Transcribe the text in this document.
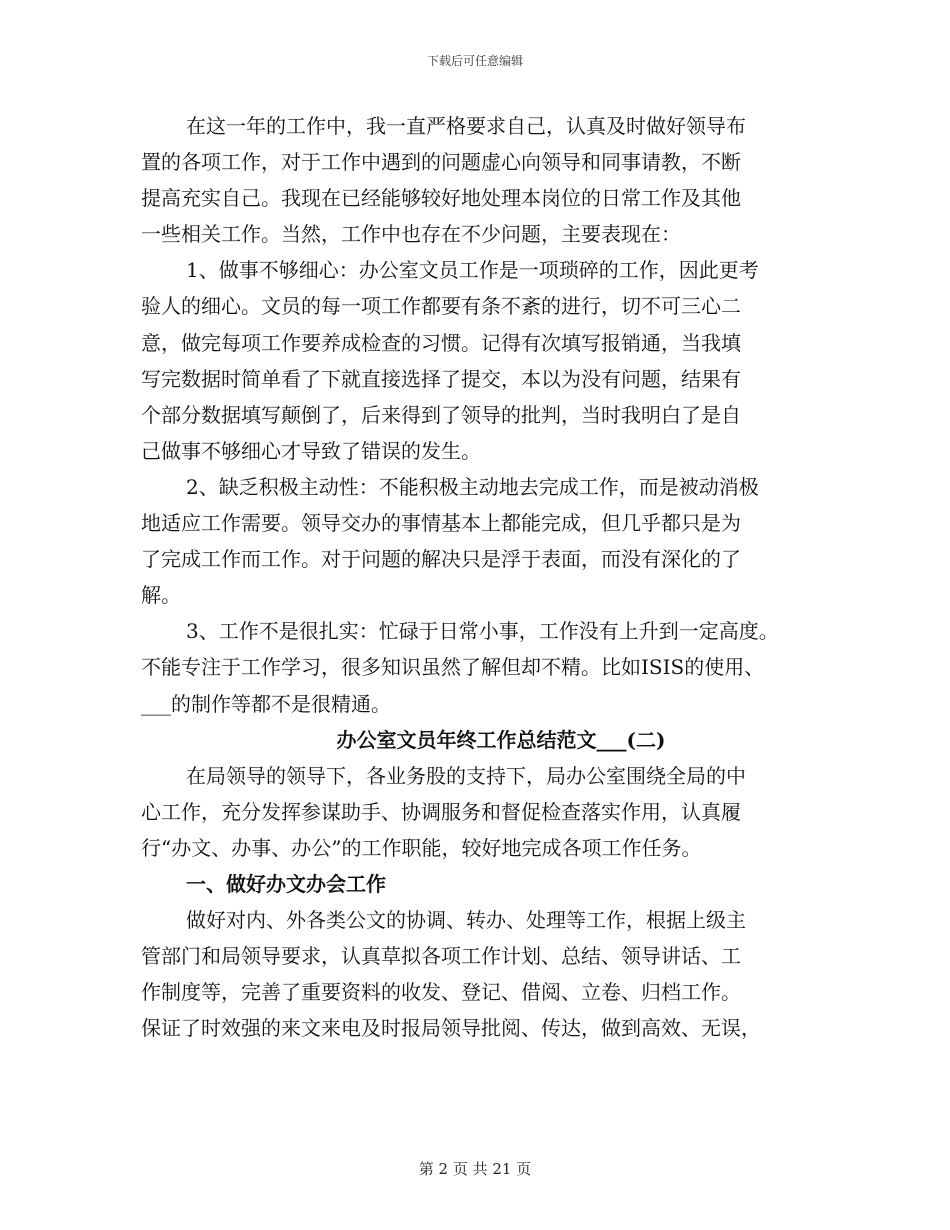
下载后可任意编辑
在这一年的工作中，我一直严格要求自己，认真及时做好领导布
置的各项工作，对于工作中遇到的问题虚心向领导和同事请教，不断
提高充实自己。我现在已经能够较好地处理本岗位的日常工作及其他
一些相关工作。当然，工作中也存在不少问题，主要表现在：
1、做事不够细心：办公室文员工作是一项琐碎的工作，因此更考
验人的细心。文员的每一项工作都要有条不紊的进行，切不可三心二
意，做完每项工作要养成检查的习惯。记得有次填写报销通，当我填
写完数据时简单看了下就直接选择了提交，本以为没有问题，结果有
个部分数据填写颠倒了，后来得到了领导的批判，当时我明白了是自
己做事不够细心才导致了错误的发生。
2、缺乏积极主动性：不能积极主动地去完成工作，而是被动消极
地适应工作需要。领导交办的事情基本上都能完成，但几乎都只是为
了完成工作而工作。对于问题的解决只是浮于表面，而没有深化的了
解。
3、工作不是很扎实：忙碌于日常小事，工作没有上升到一定高度。
不能专注于工作学习，很多知识虽然了解但却不精。比如ISIS的使用、
___的制作等都不是很精通。
办公室文员年终工作总结范文___(二)
在局领导的领导下，各业务股的支持下，局办公室围绕全局的中
心工作，充分发挥参谋助手、协调服务和督促检查落实作用，认真履
行“办文、办事、办公”的工作职能，较好地完成各项工作任务。
一、做好办文办会工作
做好对内、外各类公文的协调、转办、处理等工作，根据上级主
管部门和局领导要求，认真草拟各项工作计划、总结、领导讲话、工
作制度等，完善了重要资料的收发、登记、借阅、立卷、归档工作。
保证了时效强的来文来电及时报局领导批阅、传达，做到高效、无误，
第 2 页 共 21 页
